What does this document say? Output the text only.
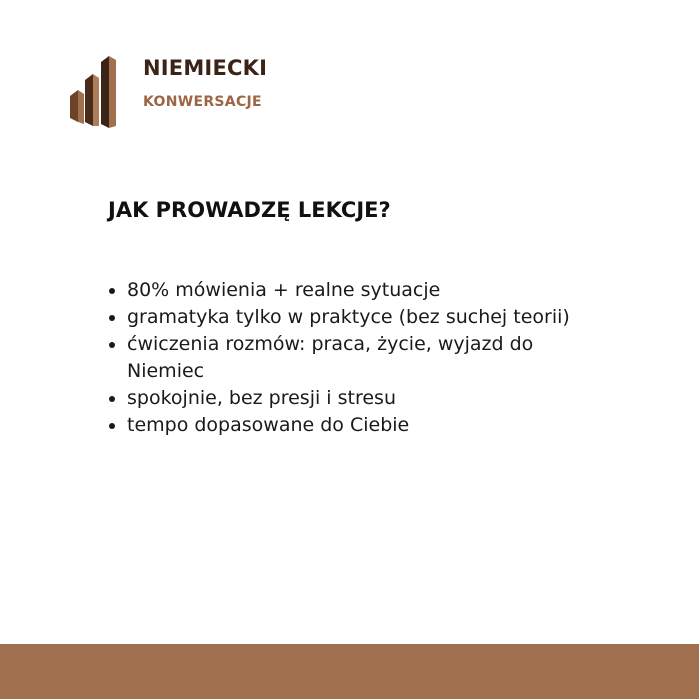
NIEMIECKI
KONWERSACJE
JAK PROWADZĘ LEKCJE?
80% mówienia + realne sytuacje
gramatyka tylko w praktyce (bez suchej teorii)
ćwiczenia rozmów: praca, życie, wyjazd do Niemiec
spokojnie, bez presji i stresu
tempo dopasowane do Ciebie
